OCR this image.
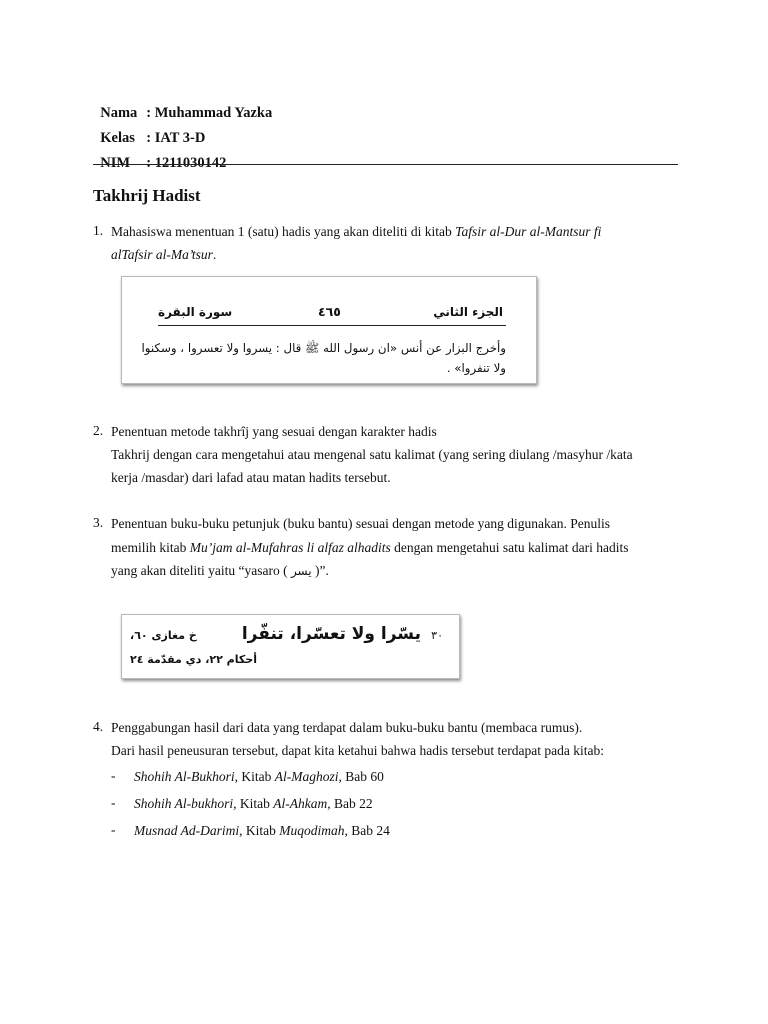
Nama : Muhammad Yazka

Kelas : IAT 3-D

NIM : 1211030142

Takhrij Hadist
1. Mahasiswa menentuan 1 (satu) hadis yang akan diteliti di kitab Tafsir al-Dur al-Mantsur fi
alTafsir al-Ma’tsur.
سورة البقرة	٤٦٥	الجزء الثاني
وأخرج البزار عن أنس «ان رسول الله ﷺ قال : يسروا ولا تعسروا ، وسكنوا
ولا تنفروا» .
2. Penentuan metode takhrîj yang sesuai dengan karakter hadis
Takhrij dengan cara mengetahui atau mengenal satu kalimat (yang sering diulang /masyhur /kata
kerja /masdar) dari lafad atau matan hadits tersebut.
3. Penentuan buku-buku petunjuk (buku bantu) sesuai dengan metode yang digunakan. Penulis
memilih kitab Mu’jam al-Mufahras li alfaz alhadits dengan mengetahui satu kalimat dari hadits
yang akan diteliti yaitu “yasaro ( يسر )”.
٣٠
يسّرا ولا تعسّرا، تنفّرا
خ مغازى ٦٠،
أحكام ٢٢، دي مقدّمة ٢٤
4. Penggabungan hasil dari data yang terdapat dalam buku-buku bantu (membaca rumus).
Dari hasil peneusuran tersebut, dapat kita ketahui bahwa hadis tersebut terdapat pada kitab:
- Shohih Al-Bukhori, Kitab Al-Maghozi, Bab 60
- Shohih Al-bukhori, Kitab Al-Ahkam, Bab 22
- Musnad Ad-Darimi, Kitab Muqodimah, Bab 24
